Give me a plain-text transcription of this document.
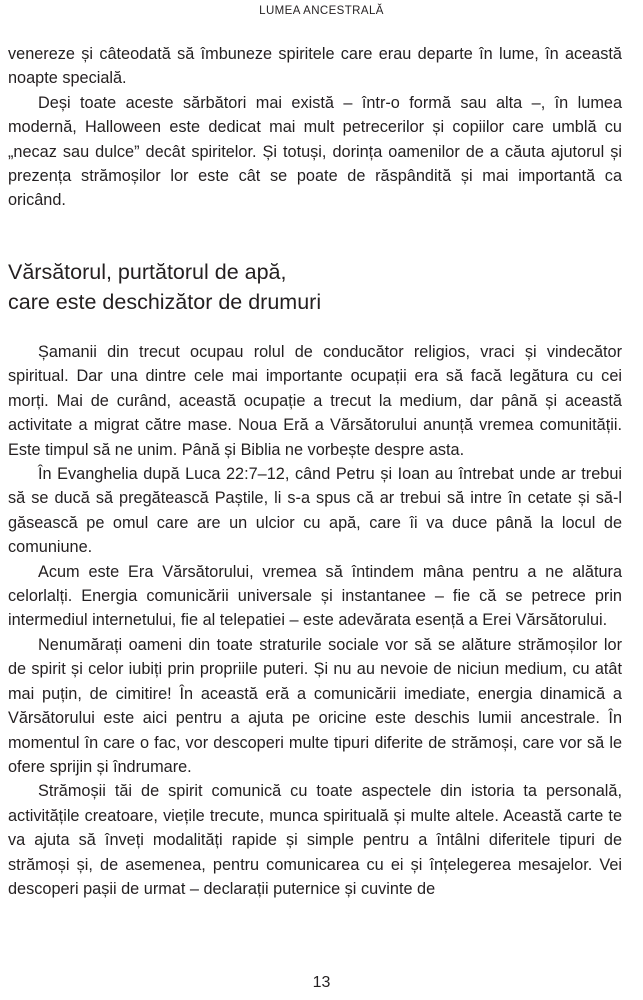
LUMEA ANCESTRALĂ

venereze și câteodată să îmbuneze spiritele care erau departe în lume, în această noapte specială.

Deși toate aceste sărbători mai există – într-o formă sau alta –, în lumea modernă, Halloween este dedicat mai mult petrecerilor și copiilor care umblă cu „necaz sau dulce” decât spiritelor. Și totuși, dorința oamenilor de a căuta ajutorul și prezența strămoșilor lor este cât se poate de răspândită și mai importantă ca oricând.

Vărsătorul, purtătorul de apă,
care este deschizător de drumuri

Șamanii din trecut ocupau rolul de conducător religios, vraci și vindecător spiritual. Dar una dintre cele mai importante ocupații era să facă legătura cu cei morți. Mai de curând, această ocupație a trecut la medium, dar până și această activitate a migrat către mase. Noua Eră a Vărsătorului anunță vremea comunității. Este timpul să ne unim. Până și Biblia ne vorbește despre asta.

În Evanghelia după Luca 22:7–12, când Petru și Ioan au întrebat unde ar trebui să se ducă să pregătească Paștile, li s-a spus că ar trebui să intre în cetate și să-l găsească pe omul care are un ulcior cu apă, care îi va duce până la locul de comuniune.

Acum este Era Vărsătorului, vremea să întindem mâna pentru a ne alătura celorlalți. Energia comunicării universale și instantanee – fie că se petrece prin intermediul internetului, fie al telepatiei – este adevărata esență a Erei Vărsătorului.

Nenumărați oameni din toate straturile sociale vor să se alăture strămoșilor lor de spirit și celor iubiți prin propriile puteri. Și nu au nevoie de niciun medium, cu atât mai puțin, de cimitire! În această eră a comunicării imediate, energia dinamică a Vărsătorului este aici pentru a ajuta pe oricine este deschis lumii ancestrale. În momentul în care o fac, vor descoperi multe tipuri diferite de strămoși, care vor să le ofere sprijin și îndrumare.

Strămoșii tăi de spirit comunică cu toate aspectele din istoria ta personală, activitățile creatoare, viețile trecute, munca spirituală și multe altele. Această carte te va ajuta să înveți modalități rapide și simple pentru a întâlni diferitele tipuri de strămoși și, de asemenea, pentru comunicarea cu ei și înțelegerea mesajelor. Vei descoperi pașii de urmat – declarații puternice și cuvinte de

13
